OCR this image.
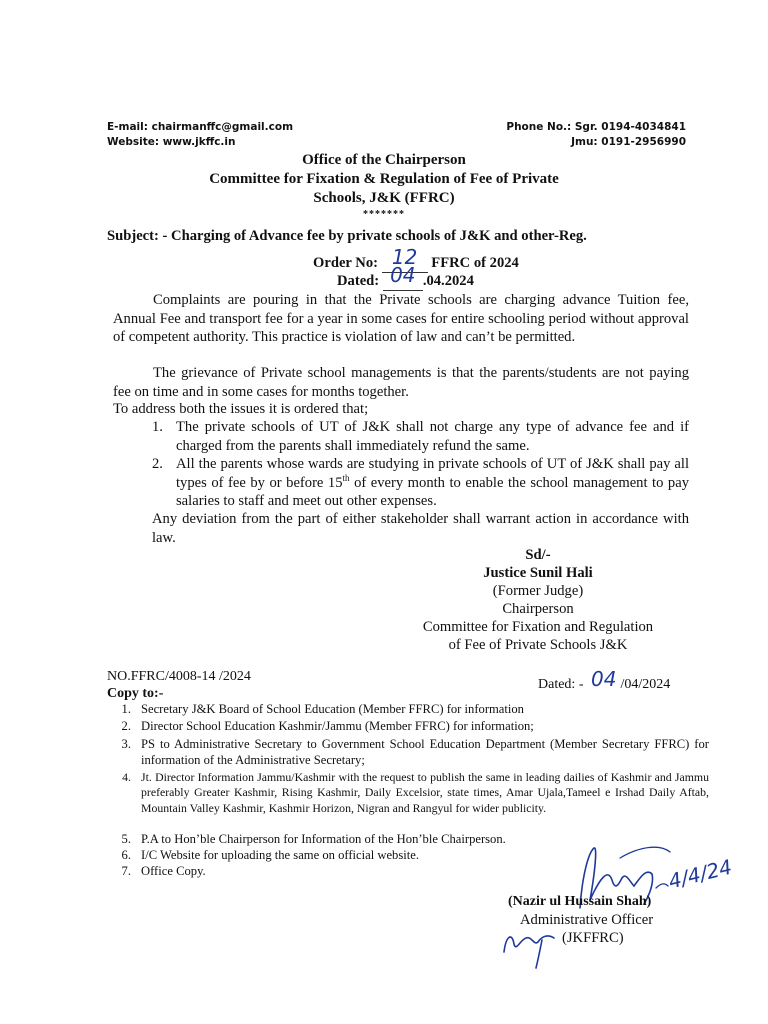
E-mail: chairmanffc@gmail.com
Website: www.jkffc.in
Phone No.: Sgr. 0194-4034841
Jmu: 0191-2956990
Office of the Chairperson
Committee for Fixation & Regulation of Fee of Private
Schools, J&K (FFRC)
*******
Subject: - Charging of Advance fee by private schools of J&K and other-Reg.
Order No: 12 FFRC of 2024
Dated: 04 .04.2024
Complaints are pouring in that the Private schools are charging advance Tuition fee, Annual Fee and transport fee for a year in some cases for entire schooling period without approval of competent authority. This practice is violation of law and can’t be permitted.
The grievance of Private school managements is that the parents/students are not paying fee on time and in some cases for months together.
To address both the issues it is ordered that;
1. The private schools of UT of J&K shall not charge any type of advance fee and if charged from the parents shall immediately refund the same.
2. All the parents whose wards are studying in private schools of UT of J&K shall pay all types of fee by or before 15th of every month to enable the school management to pay salaries to staff and meet out other expenses.
Any deviation from the part of either stakeholder shall warrant action in accordance with law.
Sd/-
Justice Sunil Hali
(Former Judge)
Chairperson
Committee for Fixation and Regulation
of Fee of Private Schools J&K
NO.FFRC/4008-14 /2024
Dated: - 04 /04/2024
Copy to:-
1. Secretary J&K Board of School Education (Member FFRC) for information
2. Director School Education Kashmir/Jammu (Member FFRC) for information;
3. PS to Administrative Secretary to Government School Education Department (Member Secretary FFRC) for information of the Administrative Secretary;
4. Jt. Director Information Jammu/Kashmir with the request to publish the same in leading dailies of Kashmir and Jammu preferably Greater Kashmir, Rising Kashmir, Daily Excelsior, state times, Amar Ujala,Tameel e Irshad Daily Aftab, Mountain Valley Kashmir, Kashmir Horizon, Nigran and Rangyul for wider publicity.
5. P.A to Hon’ble Chairperson for Information of the Hon’ble Chairperson.
6. I/C Website for uploading the same on official website.
7. Office Copy.	4/4/24
(Nazir ul Hussain Shah)
Administrative Officer
(JKFFRC)
